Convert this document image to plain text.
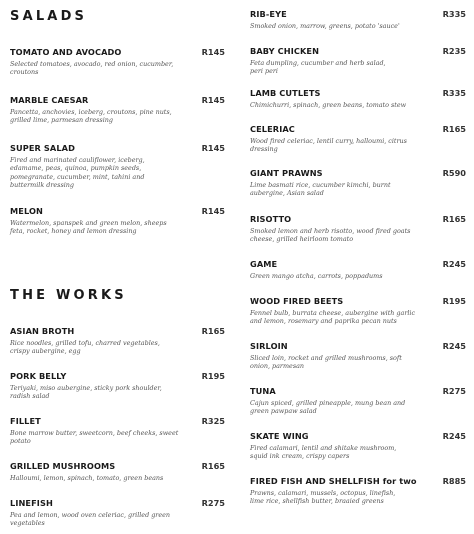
SALADS
THE WORKS
TOMATO AND AVOCADO	R145
Selected tomatoes, avocado, red onion, cucumber,
croutons
MARBLE CAESAR	R145
Pancetta, anchovies, iceberg, croutons, pine nuts,
grilled lime, parmesan dressing
SUPER SALAD	R145
Fired and marinated cauliflower, iceberg,
edamame, peas, quinoa, pumpkin seeds,
pomegranate, cucumber, mint, tahini and
buttermilk dressing
MELON	R145
Watermelon, spanspek and green melon, sheeps
feta, rocket, honey and lemon dressing
ASIAN BROTH	R165
Rice noodles, grilled tofu, charred vegetables,
crispy aubergine, egg
PORK BELLY	R195
Teriyaki, miso aubergine, sticky pork shoulder,
radish salad
FILLET	R325
Bone marrow butter, sweetcorn, beef cheeks, sweet
potato
GRILLED MUSHROOMS	R165
Halloumi, lemon, spinach, tomato, green beans
LINEFISH	R275
Pea and lemon, wood oven celeriac, grilled green
vegetables
RIB-EYE	R335
Smoked onion, marrow, greens, potato 'sauce'
BABY CHICKEN	R235
Feta dumpling, cucumber and herb salad,
peri peri
LAMB CUTLETS	R335
Chimichurri, spinach, green beans, tomato stew
CELERIAC	R165
Wood fired celeriac, lentil curry, halloumi, citrus
dressing
GIANT PRAWNS	R590
Lime basmati rice, cucumber kimchi, burnt
aubergine, Asian salad
RISOTTO	R165
Smoked lemon and herb risotto, wood fired goats
cheese, grilled heirloom tomato
GAME	R245
Green mango atcha, carrots, poppadums
WOOD FIRED BEETS	R195
Fennel bulb, burrata cheese, aubergine with garlic
and lemon, rosemary and paprika pecan nuts
SIRLOIN	R245
Sliced loin, rocket and grilled mushrooms, soft
onion, parmesan
TUNA	R275
Cajun spiced, grilled pineapple, mung bean and
green pawpaw salad
SKATE WING	R245
Fired calamari, lentil and shitake mushroom,
squid ink cream, crispy capers
FIRED FISH AND SHELLFISH for two	R885
Prawns, calamari, mussels, octopus, linefish,
lime rice, shellfish butter, braaied greens
